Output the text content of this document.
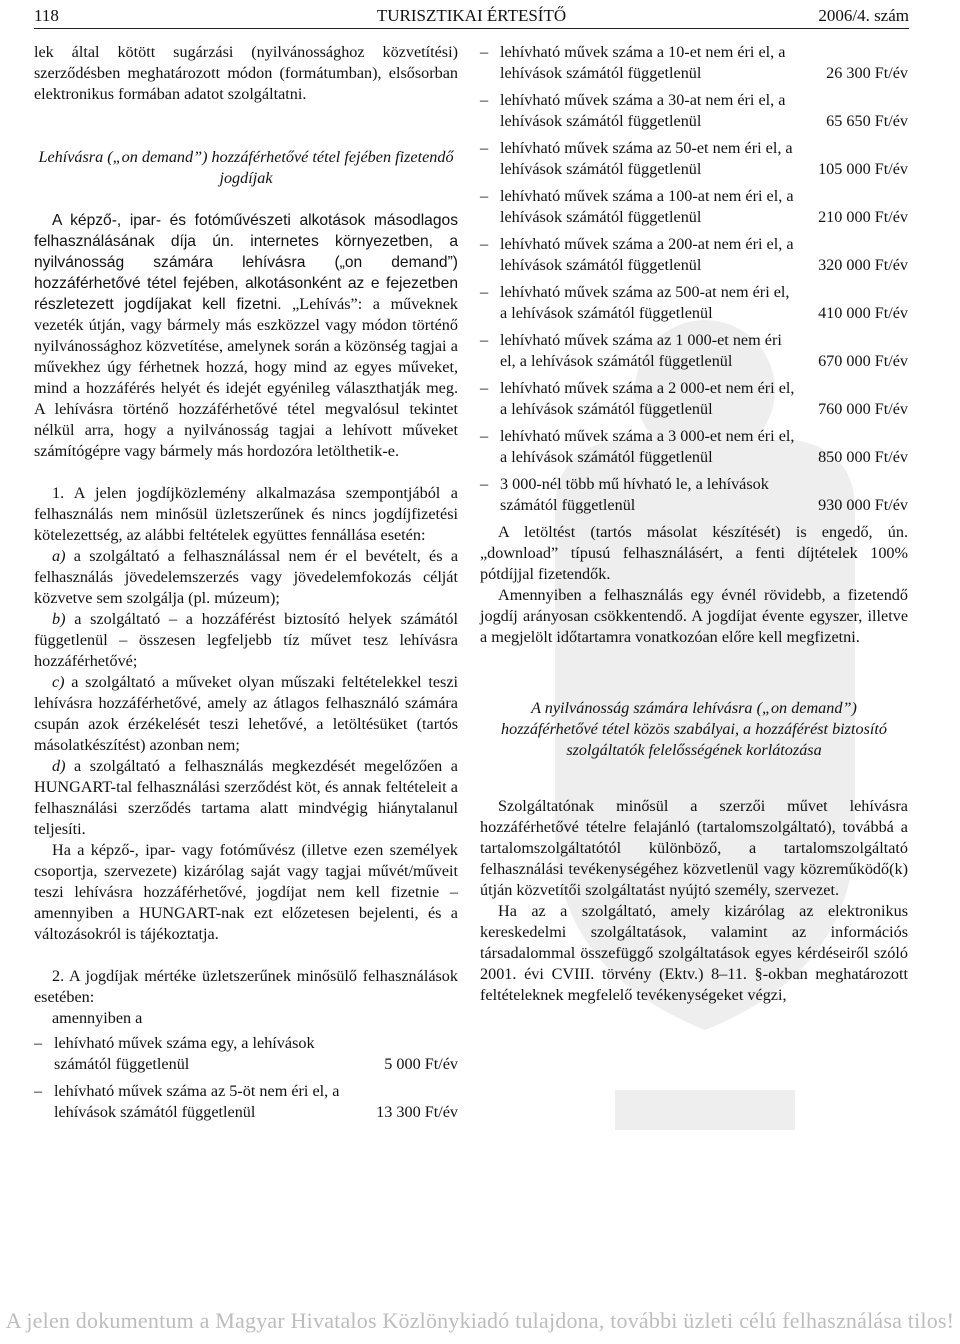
118	TURISZTIKAI ÉRTESÍTŐ	2006/4. szám

lek által kötött sugárzási (nyilvánossághoz közvetítési) szerződésben meghatározott módon (formátumban), elsősorban elektronikus formában adatot szolgáltatni.

Lehívásra („on demand”) hozzáférhetővé tétel fejében fizetendő jogdíjak

A képző-, ipar- és fotóművészeti alkotások másodlagos felhasználásának díja ún. internetes környezetben, a nyilvánosság számára lehívásra („on demand”) hozzáférhetővé tétel fejében, alkotásonként az e fejezetben részletezett jogdíjakat kell fizetni. „Lehívás”: a műveknek vezeték útján, vagy bármely más eszközzel vagy módon történő nyilvánossághoz közvetítése, amelynek során a közönség tagjai a művekhez úgy férhetnek hozzá, hogy mind az egyes műveket, mind a hozzáférés helyét és idejét egyénileg választhatják meg. A lehívásra történő hozzáférhetővé tétel megvalósul tekintet nélkül arra, hogy a nyilvánosság tagjai a lehívott műveket számítógépre vagy bármely más hordozóra letölthetik-e.

1. A jelen jogdíjközlemény alkalmazása szempontjából a felhasználás nem minősül üzletszerűnek és nincs jogdíjfizetési kötelezettség, az alábbi feltételek együttes fennállása esetén:

a) a szolgáltató a felhasználással nem ér el bevételt, és a felhasználás jövedelemszerzés vagy jövedelemfokozás célját közvetve sem szolgálja (pl. múzeum);

b) a szolgáltató – a hozzáférést biztosító helyek számától függetlenül – összesen legfeljebb tíz művet tesz lehívásra hozzáférhetővé;

c) a szolgáltató a műveket olyan műszaki feltételekkel teszi lehívásra hozzáférhetővé, amely az átlagos felhasználó számára csupán azok érzékelését teszi lehetővé, a letöltésüket (tartós másolatkészítést) azonban nem;

d) a szolgáltató a felhasználás megkezdését megelőzően a HUNGART-tal felhasználási szerződést köt, és annak feltételeit a felhasználási szerződés tartama alatt mindvégig hiánytalanul teljesíti.

Ha a képző-, ipar- vagy fotóművész (illetve ezen személyek csoportja, szervezete) kizárólag saját vagy tagjai művét/műveit teszi lehívásra hozzáférhetővé, jogdíjat nem kell fizetnie – amennyiben a HUNGART-nak ezt előzetesen bejelenti, és a változásokról is tájékoztatja.

2. A jogdíjak mértéke üzletszerűnek minősülő felhasználások esetében:

amennyiben a

– lehívható művek száma egy, a lehívások számától függetlenül	5 000 Ft/év
– lehívható művek száma az 5-öt nem éri el, a lehívások számától függetlenül	13 300 Ft/év
– lehívható művek száma a 10-et nem éri el, a lehívások számától függetlenül	26 300 Ft/év
– lehívható művek száma a 30-at nem éri el, a lehívások számától függetlenül	65 650 Ft/év
– lehívható művek száma az 50-et nem éri el, a lehívások számától függetlenül	105 000 Ft/év
– lehívható művek száma a 100-at nem éri el, a lehívások számától függetlenül	210 000 Ft/év
– lehívható művek száma a 200-at nem éri el, a lehívások számától függetlenül	320 000 Ft/év
– lehívható művek száma az 500-at nem éri el, a lehívások számától függetlenül	410 000 Ft/év
– lehívható művek száma az 1 000-et nem éri el, a lehívások számától függetlenül	670 000 Ft/év
– lehívható művek száma a 2 000-et nem éri el, a lehívások számától függetlenül	760 000 Ft/év
– lehívható művek száma a 3 000-et nem éri el, a lehívások számától függetlenül	850 000 Ft/év
– 3 000-nél több mű hívható le, a lehívások számától függetlenül	930 000 Ft/év

A letöltést (tartós másolat készítését) is engedő, ún. „download” típusú felhasználásért, a fenti díjtételek 100% pótdíjjal fizetendők.

Amennyiben a felhasználás egy évnél rövidebb, a fizetendő jogdíj arányosan csökkentendő. A jogdíjat évente egyszer, illetve a megjelölt időtartamra vonatkozóan előre kell megfizetni.

A nyilvánosság számára lehívásra („on demand”) hozzáférhetővé tétel közös szabályai, a hozzáférést biztosító szolgáltatók felelősségének korlátozása

Szolgáltatónak minősül a szerzői művet lehívásra hozzáférhetővé tételre felajánló (tartalomszolgáltató), továbbá a tartalomszolgáltatótól különböző, a tartalomszolgáltató felhasználási tevékenységéhez közvetlenül vagy közreműködő(k) útján közvetítői szolgáltatást nyújtó személy, szervezet.

Ha az a szolgáltató, amely kizárólag az elektronikus kereskedelmi szolgáltatások, valamint az információs társadalommal összefüggő szolgáltatások egyes kérdéseiről szóló 2001. évi CVIII. törvény (Ektv.) 8–11. §-okban meghatározott feltételeknek megfelelő tevékenységeket végzi,

A jelen dokumentum a Magyar Hivatalos Közlönykiadó tulajdona, további üzleti célú felhasználása tilos!
